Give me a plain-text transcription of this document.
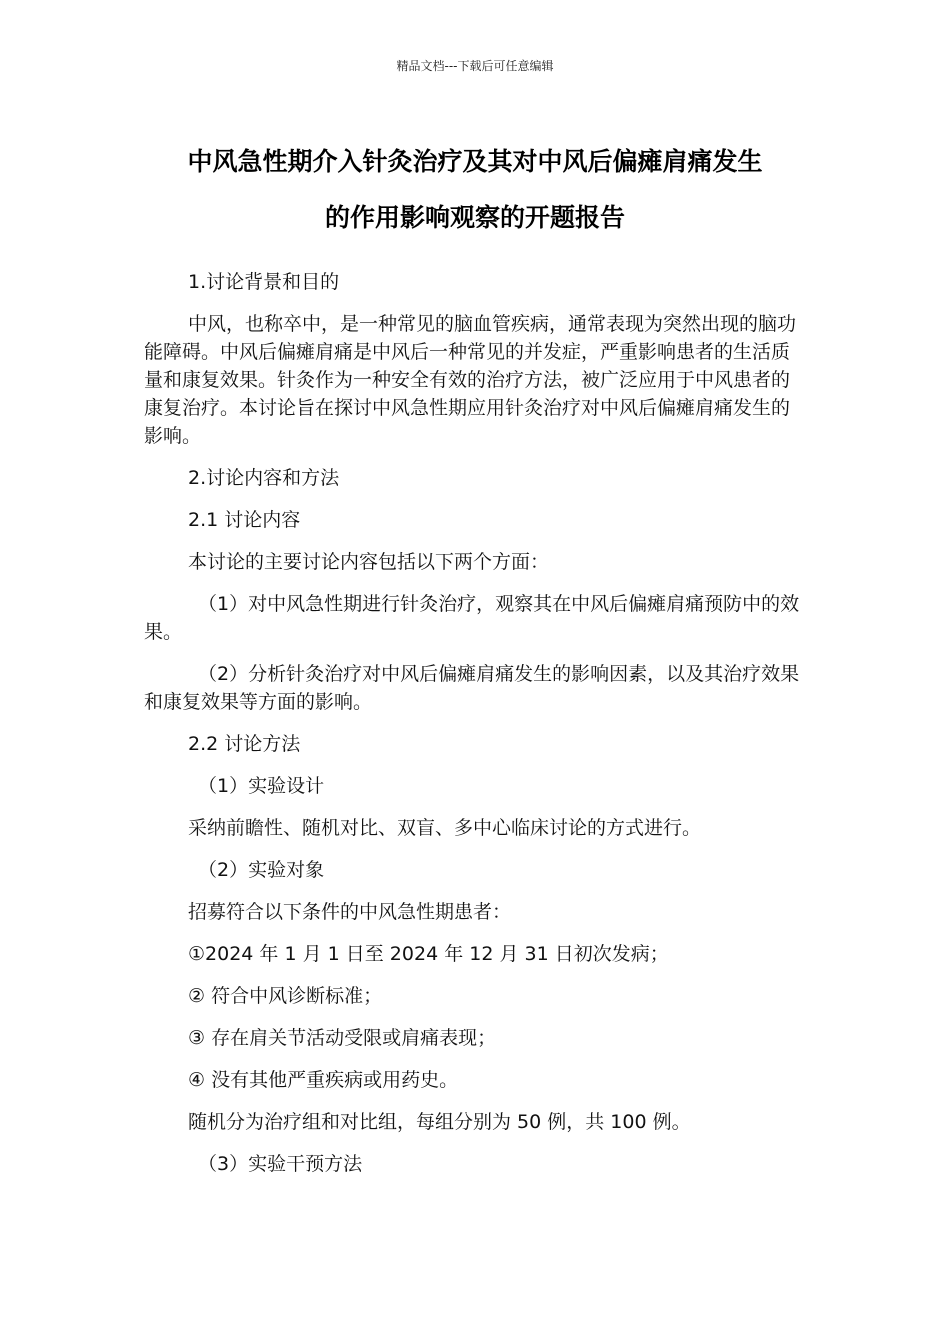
精品文档---下载后可任意编辑
中风急性期介入针灸治疗及其对中风后偏瘫肩痛发生
的作用影响观察的开题报告

1.讨论背景和目的

中风，也称卒中，是一种常见的脑血管疾病，通常表现为突然出现的脑功能障碍。中风后偏瘫肩痛是中风后一种常见的并发症，严重影响患者的生活质量和康复效果。针灸作为一种安全有效的治疗方法，被广泛应用于中风患者的康复治疗。本讨论旨在探讨中风急性期应用针灸治疗对中风后偏瘫肩痛发生的影响。

2.讨论内容和方法

2.1 讨论内容

本讨论的主要讨论内容包括以下两个方面：

（1）对中风急性期进行针灸治疗，观察其在中风后偏瘫肩痛预防中的效果。

（2）分析针灸治疗对中风后偏瘫肩痛发生的影响因素，以及其治疗效果和康复效果等方面的影响。

2.2 讨论方法

（1）实验设计

采纳前瞻性、随机对比、双盲、多中心临床讨论的方式进行。

（2）实验对象

招募符合以下条件的中风急性期患者：

①2024 年 1 月 1 日至 2024 年 12 月 31 日初次发病；

② 符合中风诊断标准；

③ 存在肩关节活动受限或肩痛表现；

④ 没有其他严重疾病或用药史。

随机分为治疗组和对比组，每组分别为 50 例，共 100 例。

（3）实验干预方法
